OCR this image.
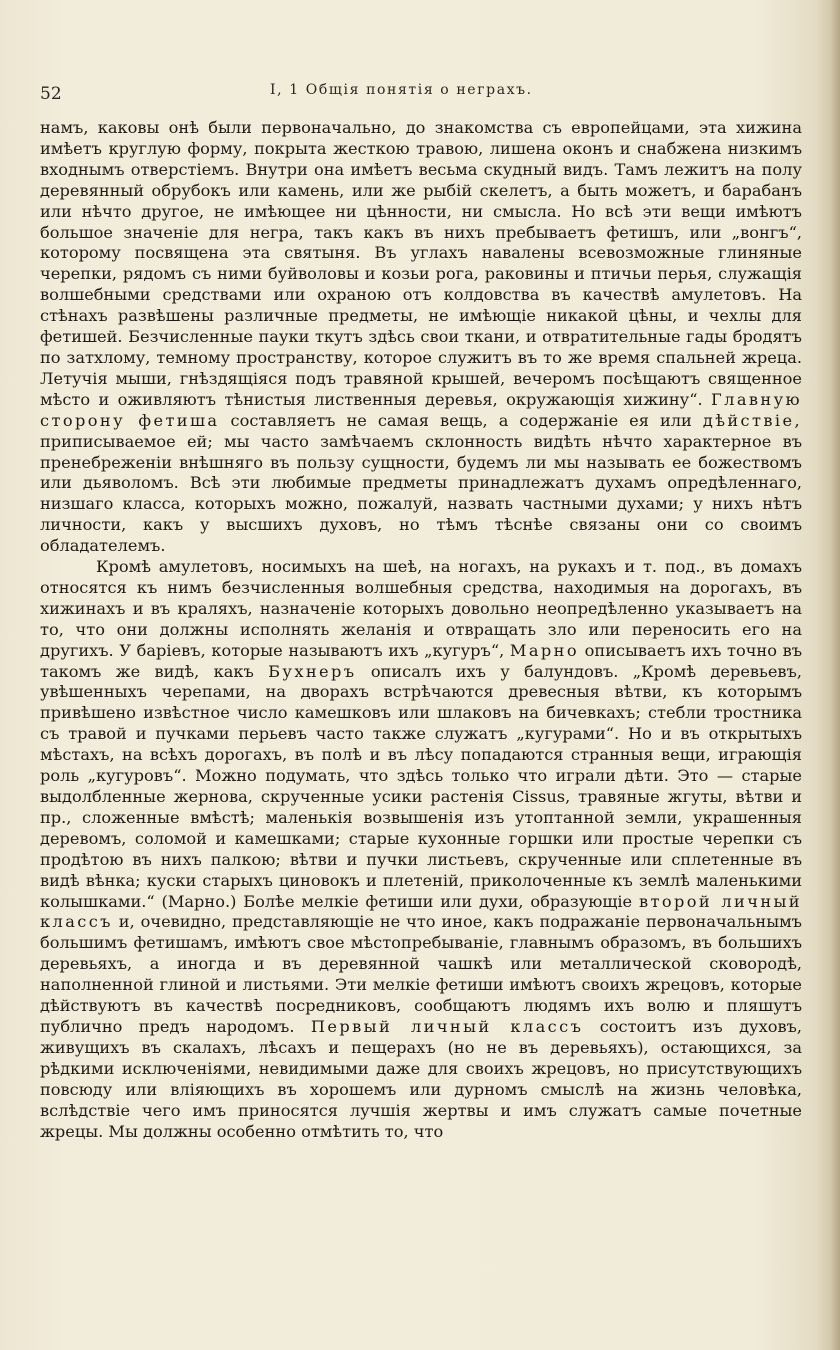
52	I, 1 Общія понятія о неграхъ.

намъ, каковы онѣ были первоначально, до знакомства съ европейцами, эта хижина имѣетъ круглую форму, покрыта жесткою травою, лишена оконъ и снабжена низкимъ входнымъ отверстіемъ. Внутри она имѣетъ весьма скудный видъ. Тамъ лежитъ на полу деревянный обрубокъ или камень, или же рыбій скелетъ, а быть можетъ, и барабанъ или нѣчто другое, не имѣющее ни цѣнности, ни смысла. Но всѣ эти вещи имѣютъ большое значеніе для негра, такъ какъ въ нихъ пребываетъ фетишъ, или „вонгъ“, которому посвящена эта святыня. Въ углахъ навалены всевозможные глиняные черепки, рядомъ съ ними буйволовы и козьи рога, раковины и птичьи перья, служащія волшебными средствами или охраною отъ колдовства въ качествѣ амулетовъ. На стѣнахъ развѣшены различные предметы, не имѣющіе никакой цѣны, и чехлы для фетишей. Безчисленные пауки ткутъ здѣсь свои ткани, и отвратительные гады бродятъ по затхлому, темному пространству, которое служитъ въ то же время спальней жреца. Летучія мыши, гнѣздящіяся подъ травяной крышей, вечеромъ посѣщаютъ священное мѣсто и оживляютъ тѣнистыя лиственныя деревья, окружающія хижину“. Главную сторону фетиша составляетъ не самая вещь, а содержаніе ея или дѣйствіе, приписываемое ей; мы часто замѣчаемъ склонность видѣть нѣчто характерное въ пренебреженіи внѣшняго въ пользу сущности, будемъ ли мы называть ее божествомъ или дьяволомъ. Всѣ эти любимые предметы принадлежатъ духамъ опредѣленнаго, низшаго класса, которыхъ можно, пожалуй, назвать частными духами; у нихъ нѣтъ личности, какъ у высшихъ духовъ, но тѣмъ тѣснѣе связаны они со своимъ обладателемъ.

Кромѣ амулетовъ, носимыхъ на шеѣ, на ногахъ, на рукахъ и т. под., въ домахъ относятся къ нимъ безчисленныя волшебныя средства, находимыя на дорогахъ, въ хижинахъ и въ краляхъ, назначеніе которыхъ довольно неопредѣленно указываетъ на то, что они должны исполнять желанія и отвращать зло или переносить его на другихъ. У баріевъ, которые называютъ ихъ „кугуръ“, Марно описываетъ ихъ точно въ такомъ же видѣ, какъ Бухнеръ описалъ ихъ у балундовъ. „Кромѣ деревьевъ, увѣшенныхъ черепами, на дворахъ встрѣчаются древесныя вѣтви, къ которымъ привѣшено извѣстное число камешковъ или шлаковъ на бичевкахъ; стебли тростника съ травой и пучками перьевъ часто также служатъ „кугурами“. Но и въ открытыхъ мѣстахъ, на всѣхъ дорогахъ, въ полѣ и въ лѣсу попадаются странныя вещи, играющія роль „кугуровъ“. Можно подумать, что здѣсь только что играли дѣти. Это — старые выдолбленные жернова, скрученные усики растенія Cissus, травяные жгуты, вѣтви и пр., сложенные вмѣстѣ; маленькія возвышенія изъ утоптанной земли, украшенныя деревомъ, соломой и камешками; старые кухонные горшки или простые черепки съ продѣтою въ нихъ палкою; вѣтви и пучки листьевъ, скрученные или сплетенные въ видѣ вѣнка; куски старыхъ циновокъ и плетеній, приколоченные къ землѣ маленькими колышками.“ (Марно.) Болѣе мелкіе фетиши или духи, образующіе второй личный классъ и, очевидно, представляющіе не что иное, какъ подражаніе первоначальнымъ большимъ фетишамъ, имѣютъ свое мѣстопребываніе, главнымъ образомъ, въ большихъ деревьяхъ, а иногда и въ деревянной чашкѣ или металлической сковородѣ, наполненной глиной и листьями. Эти мелкіе фетиши имѣютъ своихъ жрецовъ, которые дѣйствуютъ въ качествѣ посредниковъ, сообщаютъ людямъ ихъ волю и пляшутъ публично предъ народомъ. Первый личный классъ состоитъ изъ духовъ, живущихъ въ скалахъ, лѣсахъ и пещерахъ (но не въ деревьяхъ), остающихся, за рѣдкими исключеніями, невидимыми даже для своихъ жрецовъ, но присутствующихъ повсюду или вліяющихъ въ хорошемъ или дурномъ смыслѣ на жизнь человѣка, вслѣдствіе чего имъ приносятся лучшія жертвы и имъ служатъ самые почетные жрецы. Мы должны особенно отмѣтить то, что
